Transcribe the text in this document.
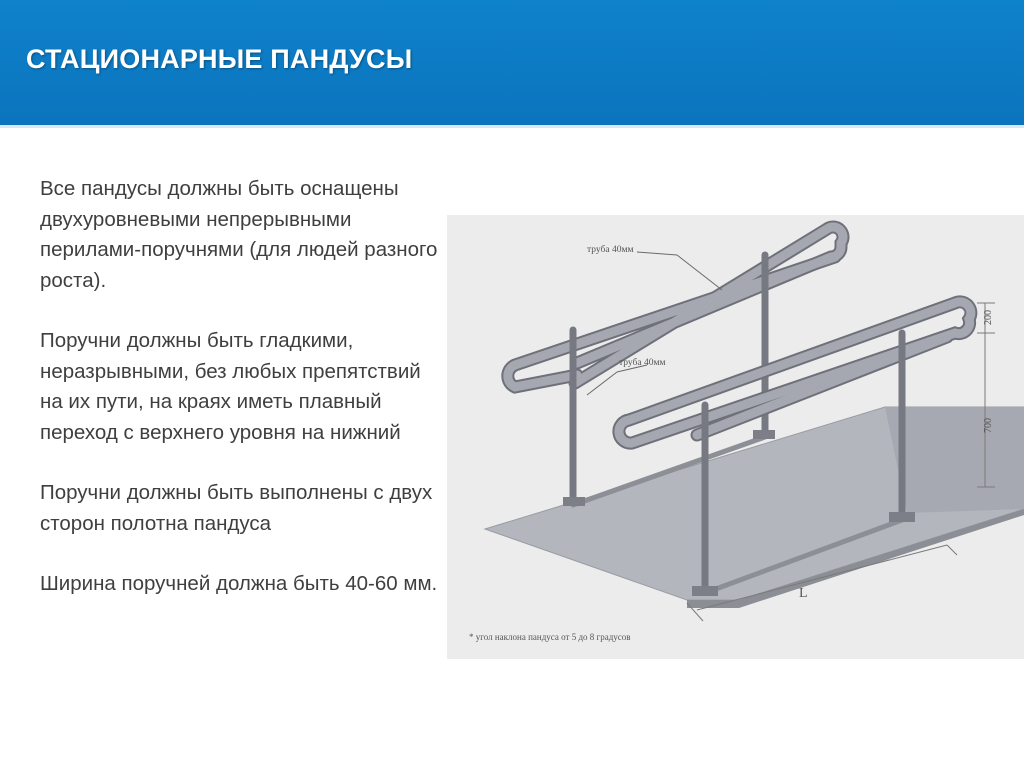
СТАЦИОНАРНЫЕ ПАНДУСЫ

Все пандусы должны быть оснащены двухуровневыми непрерывными перилами-поручнями (для людей разного роста).

Поручни должны быть гладкими, неразрывными, без любых препятствий на их пути, на краях иметь плавный переход с верхнего уровня на нижний

Поручни должны быть выполнены с двух сторон полотна пандуса

Ширина поручней должна быть 40-60 мм.

труба 40мм
труба 40мм
200
700
L
* угол наклона пандуса от 5 до 8 градусов
